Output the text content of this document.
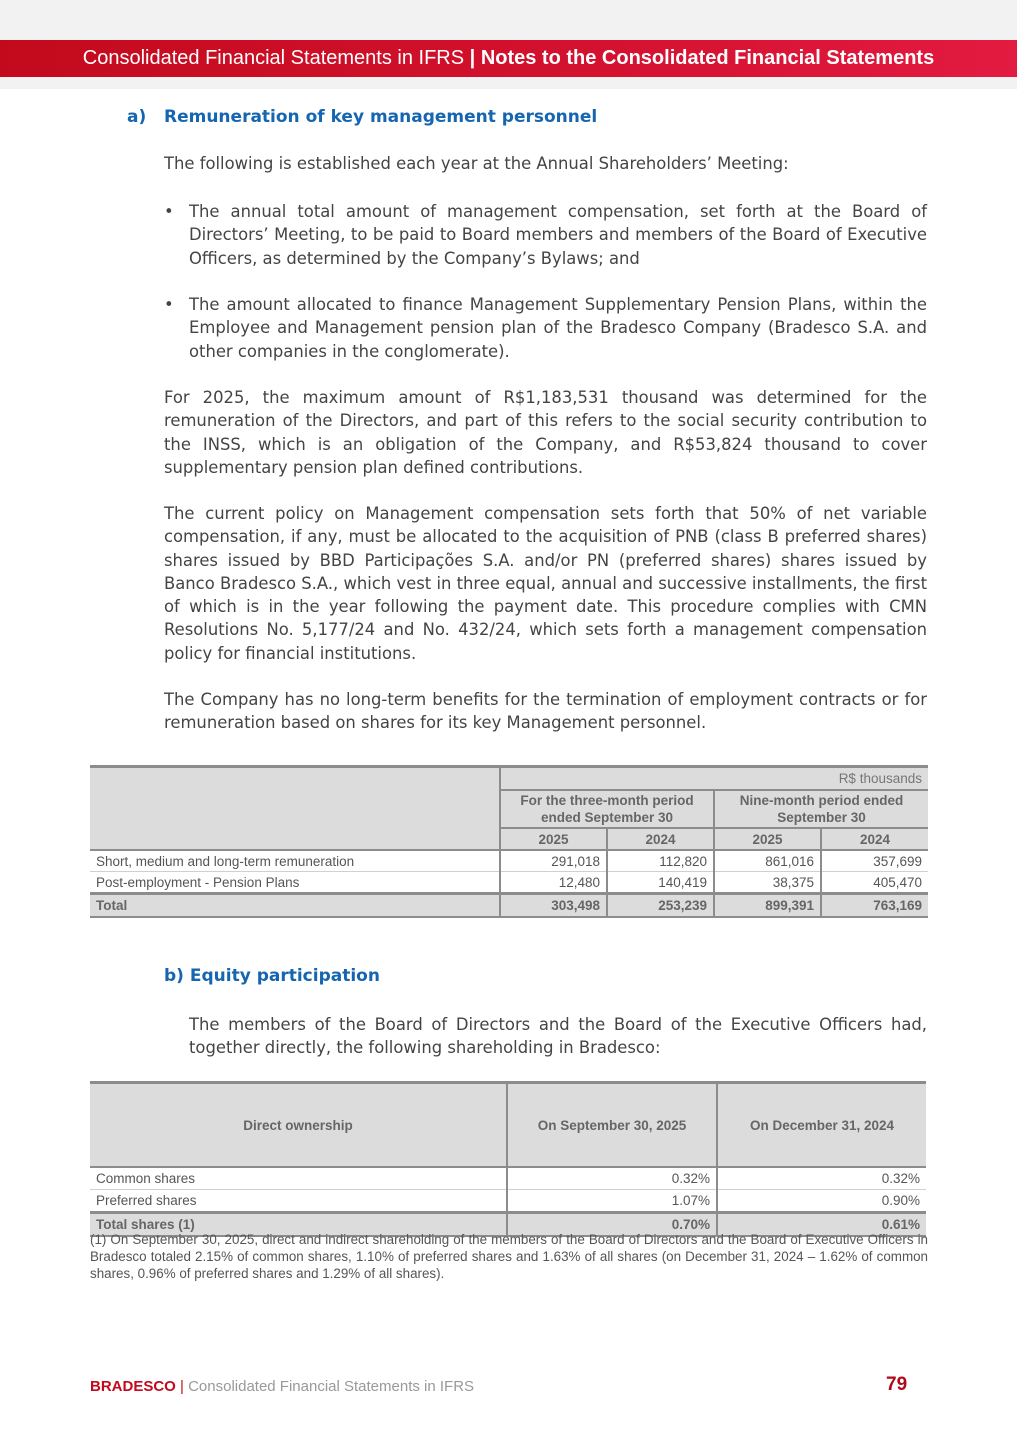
Consolidated Financial Statements in IFRS | Notes to the Consolidated Financial Statements
a) Remuneration of key management personnel
The following is established each year at the Annual Shareholders’ Meeting:
• The annual total amount of management compensation, set forth at the Board of Directors’ Meeting, to be paid to Board members and members of the Board of Executive Officers, as determined by the Company’s Bylaws; and
• The amount allocated to finance Management Supplementary Pension Plans, within the Employee and Management pension plan of the Bradesco Company (Bradesco S.A. and other companies in the conglomerate).
For 2025, the maximum amount of R$1,183,531 thousand was determined for the remuneration of the Directors, and part of this refers to the social security contribution to the INSS, which is an obligation of the Company, and R$53,824 thousand to cover supplementary pension plan defined contributions.
The current policy on Management compensation sets forth that 50% of net variable compensation, if any, must be allocated to the acquisition of PNB (class B preferred shares) shares issued by BBD Participações S.A. and/or PN (preferred shares) shares issued by Banco Bradesco S.A., which vest in three equal, annual and successive installments, the first of which is in the year following the payment date. This procedure complies with CMN Resolutions No. 5,177/24 and No. 432/24, which sets forth a management compensation policy for financial institutions.
The Company has no long-term benefits for the termination of employment contracts or for remuneration based on shares for its key Management personnel.
	R$ thousands			
	For the three-month period ended September 30		Nine-month period ended September 30	
	2025	2024	2025	2024
Short, medium and long-term remuneration	291,018	112,820	861,016	357,699
Post-employment - Pension Plans	12,480	140,419	38,375	405,470
Total	303,498	253,239	899,391	763,169
b) Equity participation
The members of the Board of Directors and the Board of the Executive Officers had, together directly, the following shareholding in Bradesco:
Direct ownership	On September 30, 2025	On December 31, 2024
Common shares	0.32%	0.32%
Preferred shares	1.07%	0.90%
Total shares (1)	0.70%	0.61%
(1) On September 30, 2025, direct and indirect shareholding of the members of the Board of Directors and the Board of Executive Officers in Bradesco totaled 2.15% of common shares, 1.10% of preferred shares and 1.63% of all shares (on December 31, 2024 – 1.62% of common shares, 0.96% of preferred shares and 1.29% of all shares).
BRADESCO | Consolidated Financial Statements in IFRS	79
